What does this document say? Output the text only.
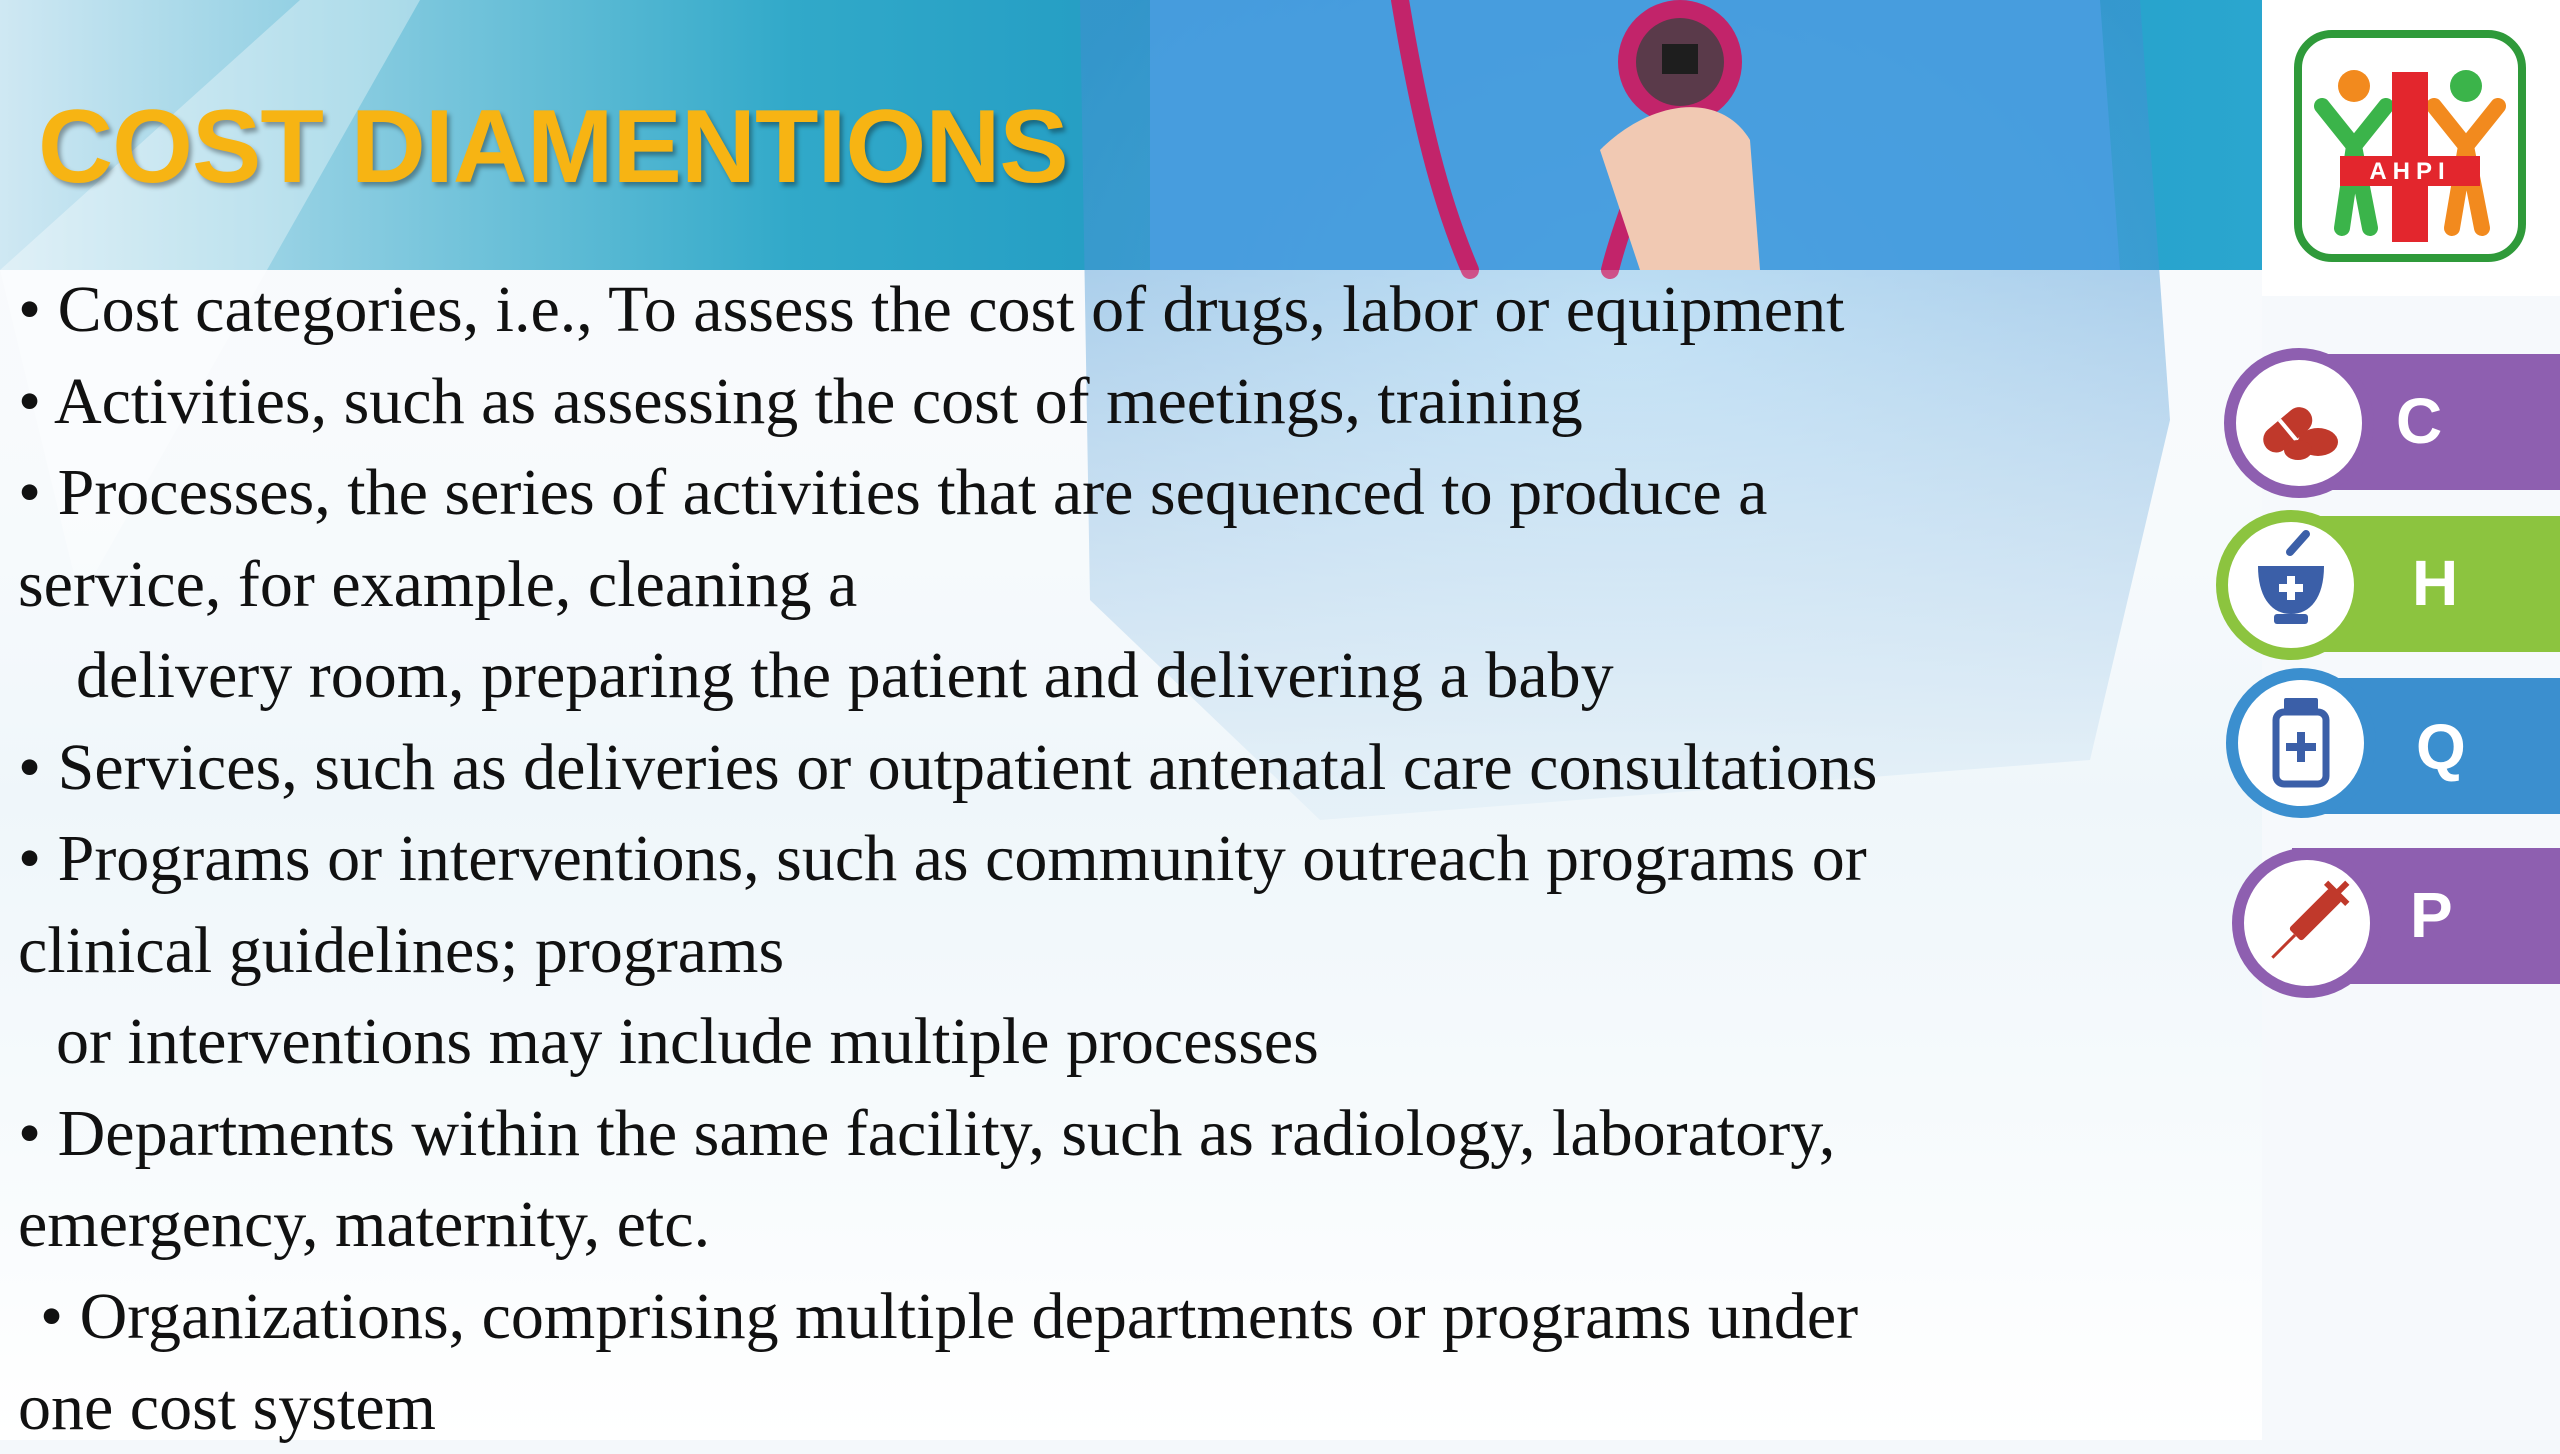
COST DIAMENTIONS

• Cost categories, i.e., To assess the cost of drugs, labor or equipment

• Activities, such as assessing the cost of meetings, training

• Processes, the series of activities that are sequenced to produce a

service, for example, cleaning a

delivery room, preparing the patient and delivering a baby

• Services, such as deliveries or outpatient antenatal care consultations

• Programs or interventions, such as community outreach programs or

clinical guidelines; programs

or interventions may include multiple processes

• Departments within the same facility, such as radiology, laboratory,

emergency, maternity, etc.

• Organizations, comprising multiple departments or programs under

one cost system

AHPI
C
H
Q
P
